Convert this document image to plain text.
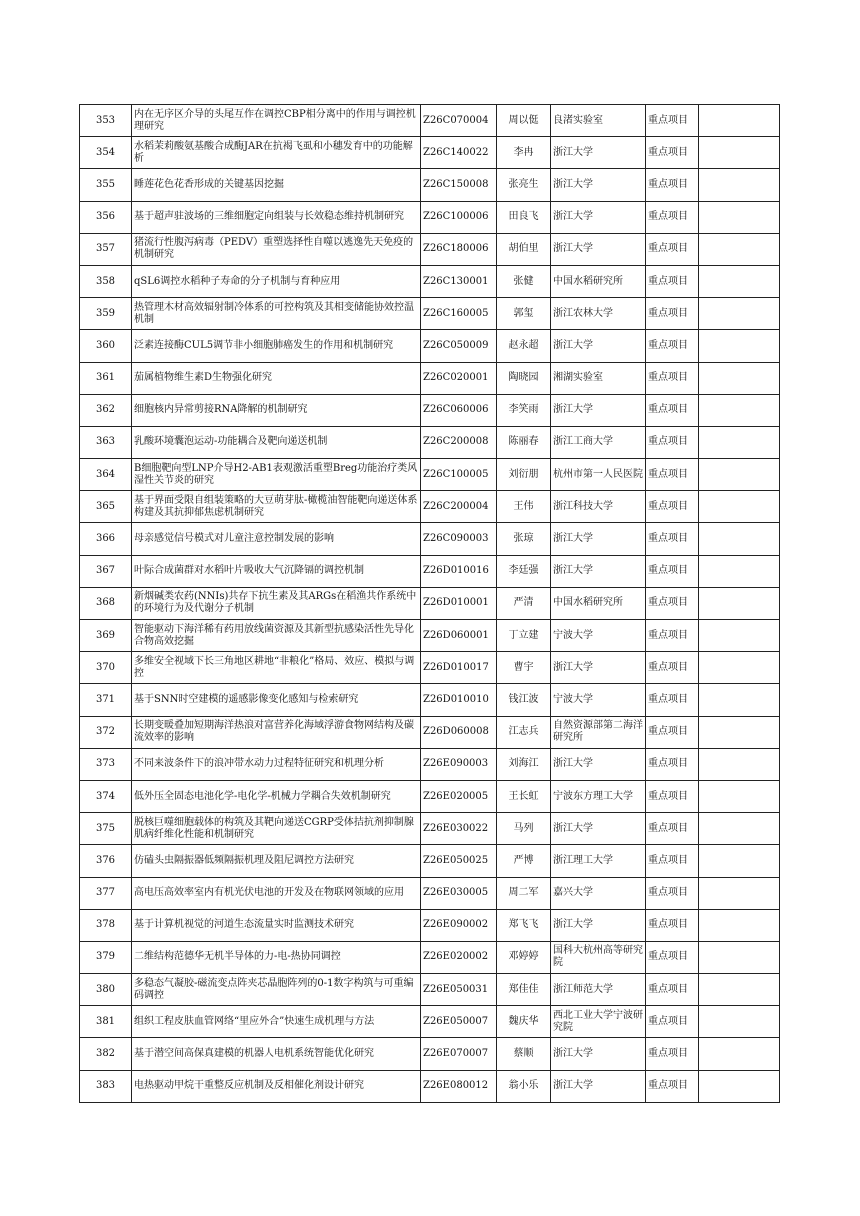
353	内在无序区介导的头尾互作在调控CBP相分离中的作用与调控机理研究	Z26C070004	周以侹	良渚实验室	重点项目	
354	水稻茉莉酸氨基酸合成酶JAR在抗褐飞虱和小穗发育中的功能解析	Z26C140022	李冉	浙江大学	重点项目	
355	睡莲花色花香形成的关键基因挖掘	Z26C150008	张亮生	浙江大学	重点项目	
356	基于超声驻波场的三维细胞定向组装与长效稳态维持机制研究	Z26C100006	田良飞	浙江大学	重点项目	
357	猪流行性腹泻病毒（PEDV）重塑选择性自噬以逃逸先天免疫的机制研究	Z26C180006	胡伯里	浙江大学	重点项目	
358	qSL6调控水稻种子寿命的分子机制与育种应用	Z26C130001	张健	中国水稻研究所	重点项目	
359	热管理木材高效辐射制冷体系的可控构筑及其相变储能协效控温机制	Z26C160005	郭玺	浙江农林大学	重点项目	
360	泛素连接酶CUL5调节非小细胞肺癌发生的作用和机制研究	Z26C050009	赵永超	浙江大学	重点项目	
361	茄属植物维生素D生物强化研究	Z26C020001	陶晓园	湘湖实验室	重点项目	
362	细胞核内异常剪接RNA降解的机制研究	Z26C060006	李笑雨	浙江大学	重点项目	
363	乳酸环境囊泡运动-功能耦合及靶向递送机制	Z26C200008	陈丽春	浙江工商大学	重点项目	
364	B细胞靶向型LNP介导H2-AB1表观激活重塑Breg功能治疗类风湿性关节炎的研究	Z26C100005	刘衍朋	杭州市第一人民医院	重点项目	
365	基于界面受限自组装策略的大豆萌芽肽-橄榄油智能靶向递送体系构建及其抗抑郁焦虑机制研究	Z26C200004	王伟	浙江科技大学	重点项目	
366	母亲感觉信号模式对儿童注意控制发展的影响	Z26C090003	张琼	浙江大学	重点项目	
367	叶际合成菌群对水稻叶片吸收大气沉降镉的调控机制	Z26D010016	李廷强	浙江大学	重点项目	
368	新烟碱类农药(NNIs)共存下抗生素及其ARGs在稻渔共作系统中的环境行为及代谢分子机制	Z26D010001	严清	中国水稻研究所	重点项目	
369	智能驱动下海洋稀有药用放线菌资源及其新型抗感染活性先导化合物高效挖掘	Z26D060001	丁立建	宁波大学	重点项目	
370	多维安全视域下长三角地区耕地“非粮化”格局、效应、模拟与调控	Z26D010017	曹宇	浙江大学	重点项目	
371	基于SNN时空建模的遥感影像变化感知与检索研究	Z26D010010	钱江波	宁波大学	重点项目	
372	长期变暖叠加短期海洋热浪对富营养化海域浮游食物网结构及碳流效率的影响	Z26D060008	江志兵	自然资源部第二海洋研究所	重点项目	
373	不同来波条件下的浪冲带水动力过程特征研究和机理分析	Z26E090003	刘海江	浙江大学	重点项目	
374	低外压全固态电池化学-电化学-机械力学耦合失效机制研究	Z26E020005	王长虹	宁波东方理工大学	重点项目	
375	脱核巨噬细胞载体的构筑及其靶向递送CGRP受体拮抗剂抑制腺肌病纤维化性能和机制研究	Z26E030022	马列	浙江大学	重点项目	
376	仿磕头虫隔振器低频隔振机理及阻尼调控方法研究	Z26E050025	严博	浙江理工大学	重点项目	
377	高电压高效率室内有机光伏电池的开发及在物联网领域的应用	Z26E030005	周二军	嘉兴大学	重点项目	
378	基于计算机视觉的河道生态流量实时监测技术研究	Z26E090002	郑飞飞	浙江大学	重点项目	
379	二维结构范德华无机半导体的力-电-热协同调控	Z26E020002	邓婷婷	国科大杭州高等研究院	重点项目	
380	多稳态气凝胶-磁流变点阵夹芯晶胞阵列的0-1数字构筑与可重编码调控	Z26E050031	郑佳佳	浙江师范大学	重点项目	
381	组织工程皮肤血管网络“里应外合”快速生成机理与方法	Z26E050007	魏庆华	西北工业大学宁波研究院	重点项目	
382	基于潜空间高保真建模的机器人电机系统智能优化研究	Z26E070007	蔡顺	浙江大学	重点项目	
383	电热驱动甲烷干重整反应机制及反相催化剂设计研究	Z26E080012	翁小乐	浙江大学	重点项目	
